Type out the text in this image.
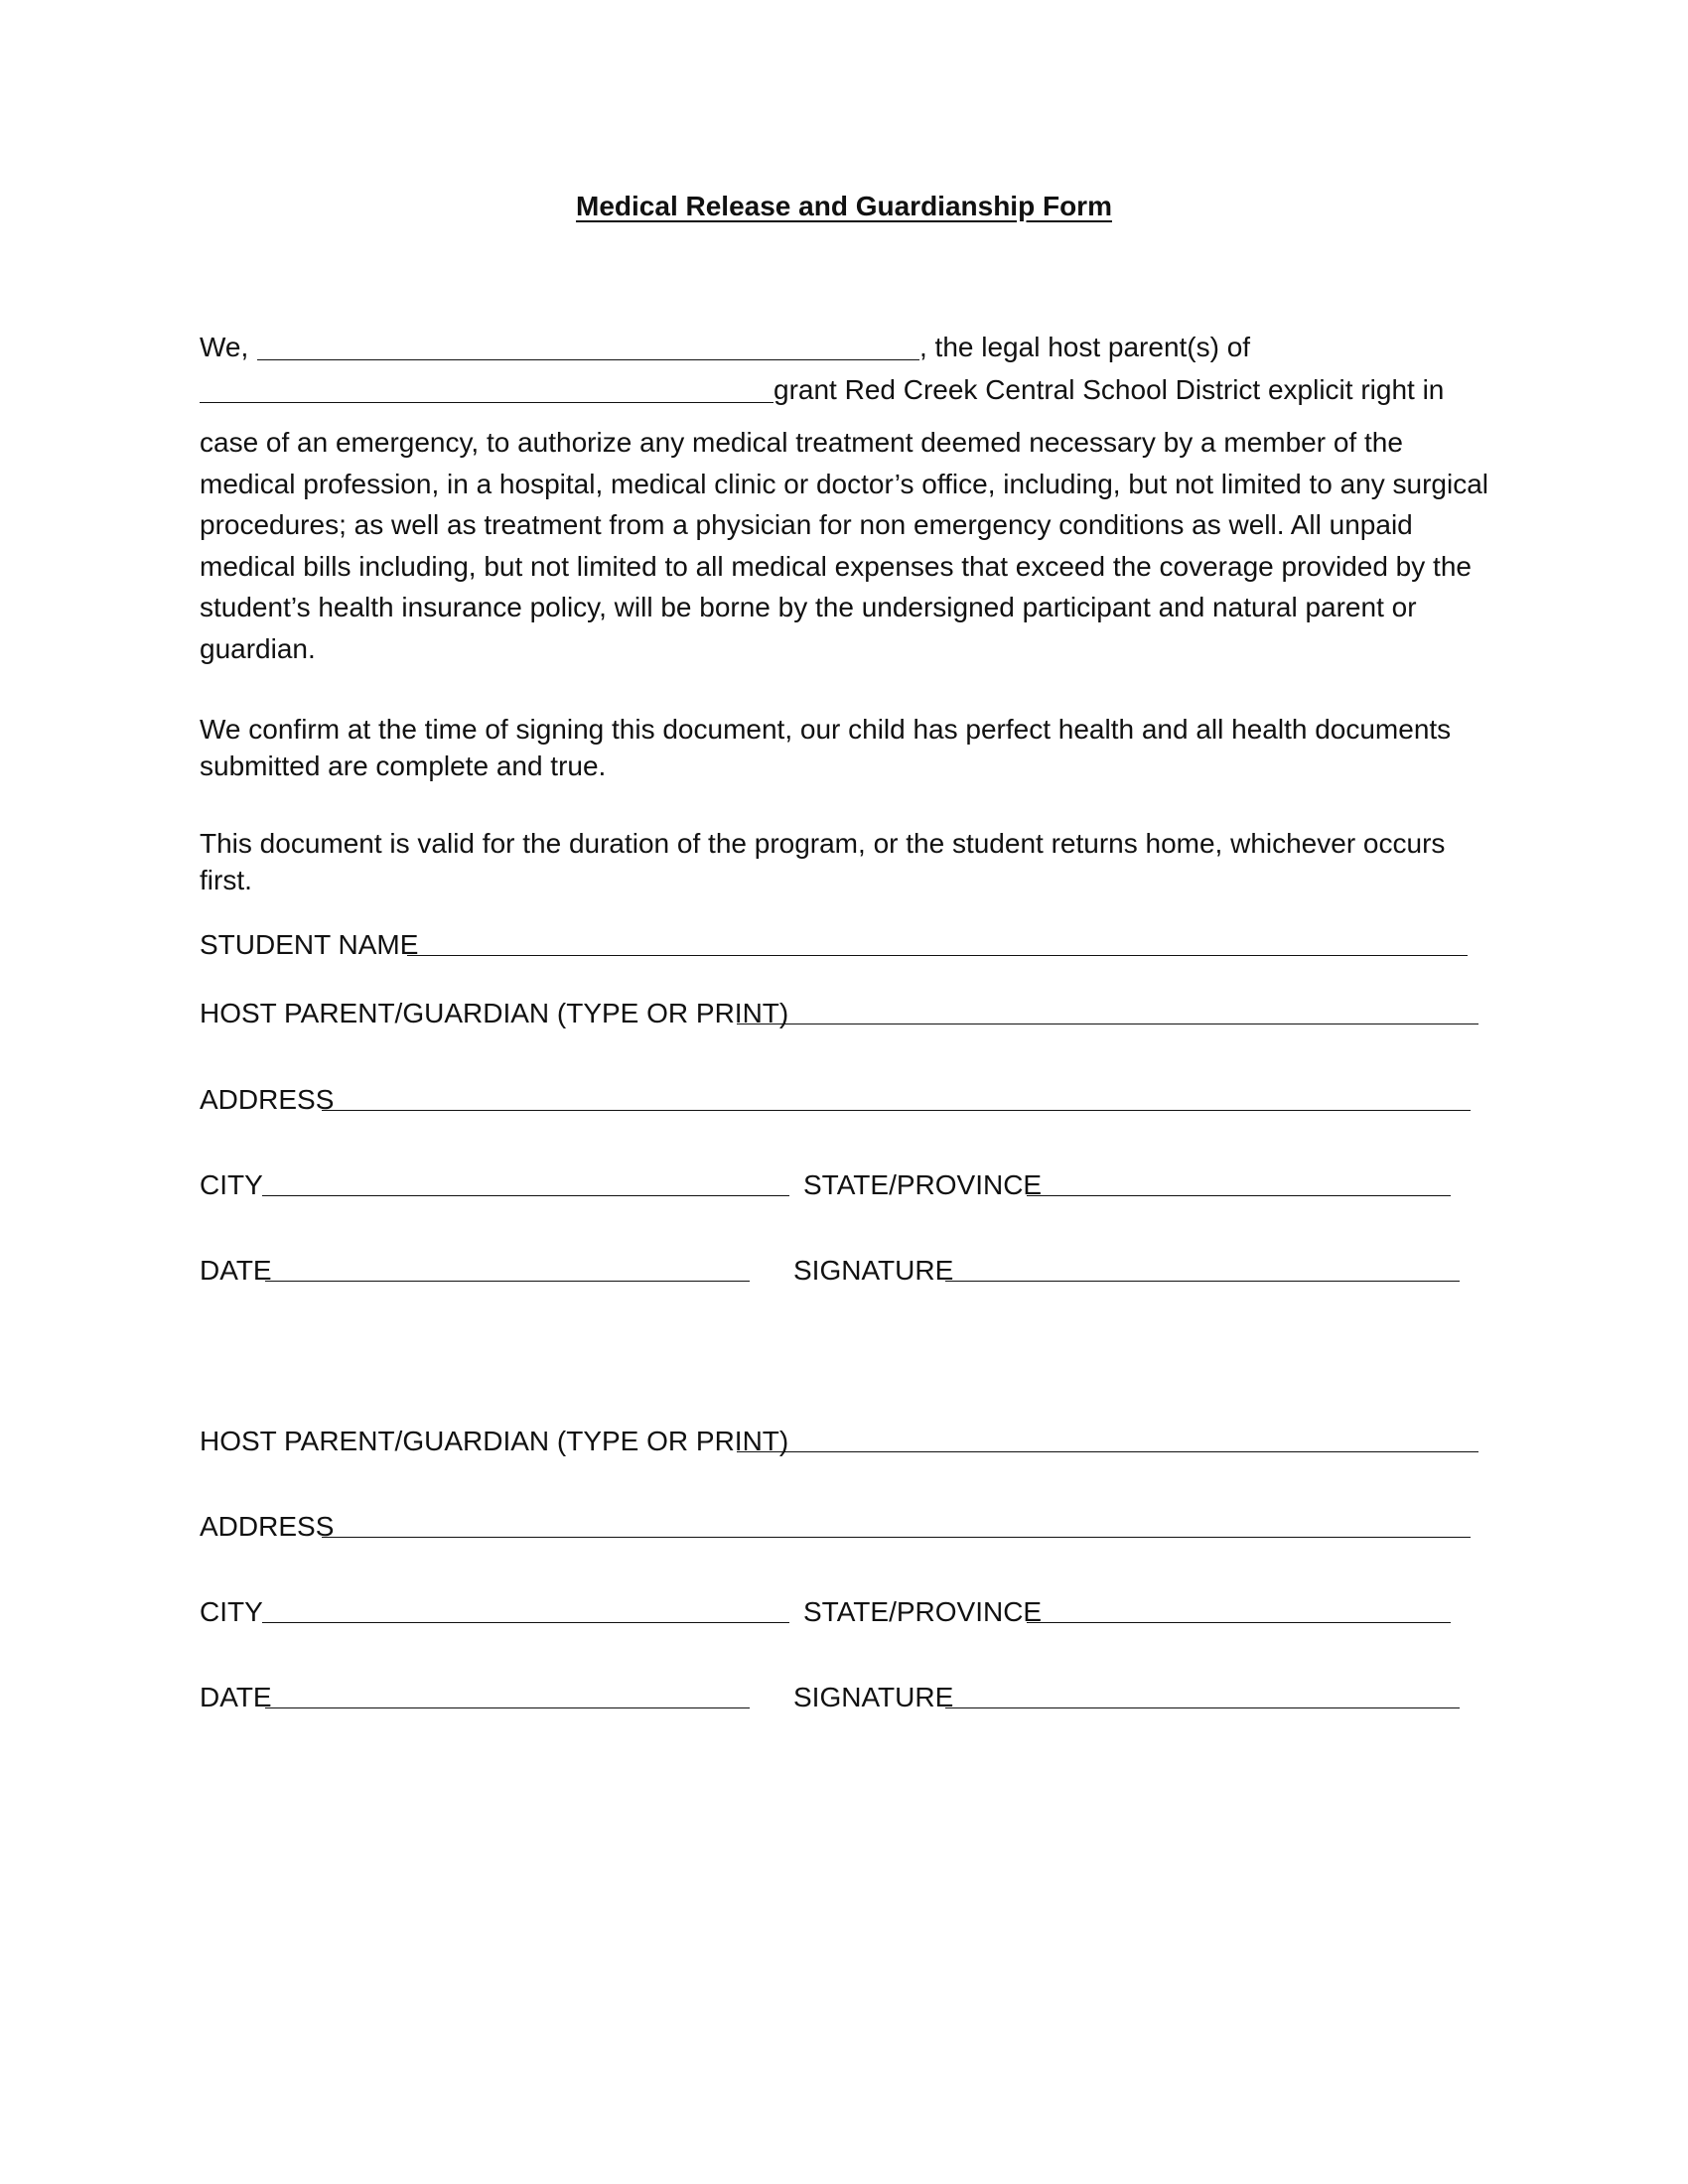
Medical Release and Guardianship Form
We,	, the legal host parent(s) of
grant Red Creek Central School District explicit right in
case of an emergency, to authorize any medical treatment deemed necessary by a member of the medical profession, in a hospital, medical clinic or doctor’s office, including, but not limited to any surgical procedures; as well as treatment from a physician for non emergency conditions as well. All unpaid medical bills including, but not limited to all medical expenses that exceed the coverage provided by the student’s health insurance policy, will be borne by the undersigned participant and natural parent or guardian.
We confirm at the time of signing this document, our child has perfect health and all health documents submitted are complete and true.
This document is valid for the duration of the program, or the student returns home, whichever occurs first.
STUDENT NAME
HOST PARENT/GUARDIAN (TYPE OR PRINT)
ADDRESS
CITY	STATE/PROVINCE
DATE	SIGNATURE
HOST PARENT/GUARDIAN (TYPE OR PRINT)
ADDRESS
CITY	STATE/PROVINCE
DATE	SIGNATURE
